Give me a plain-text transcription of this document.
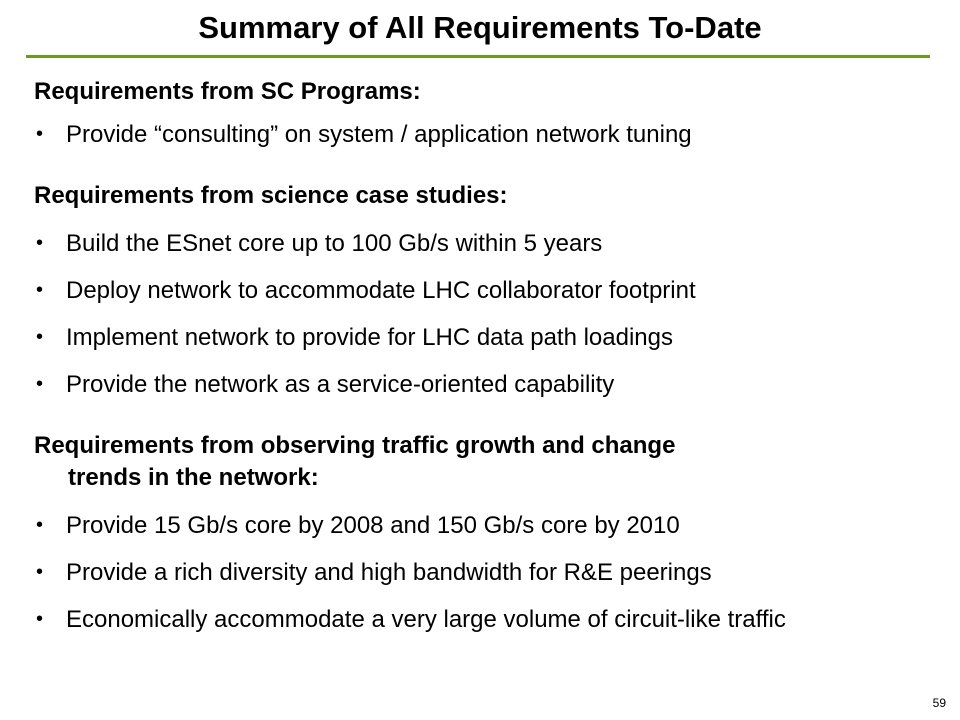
Summary of All Requirements To-Date
Requirements from SC Programs:
• Provide “consulting” on system / application network tuning
Requirements from science case studies:
• Build the ESnet core up to 100 Gb/s within 5 years
• Deploy network to accommodate LHC collaborator footprint
• Implement network to provide for LHC data path loadings
• Provide the network as a service-oriented capability
Requirements from observing traffic growth and change
trends in the network:
• Provide 15 Gb/s core by 2008 and 150 Gb/s core by 2010
• Provide a rich diversity and high bandwidth for R&E peerings
• Economically accommodate a very large volume of circuit-like traffic
59
